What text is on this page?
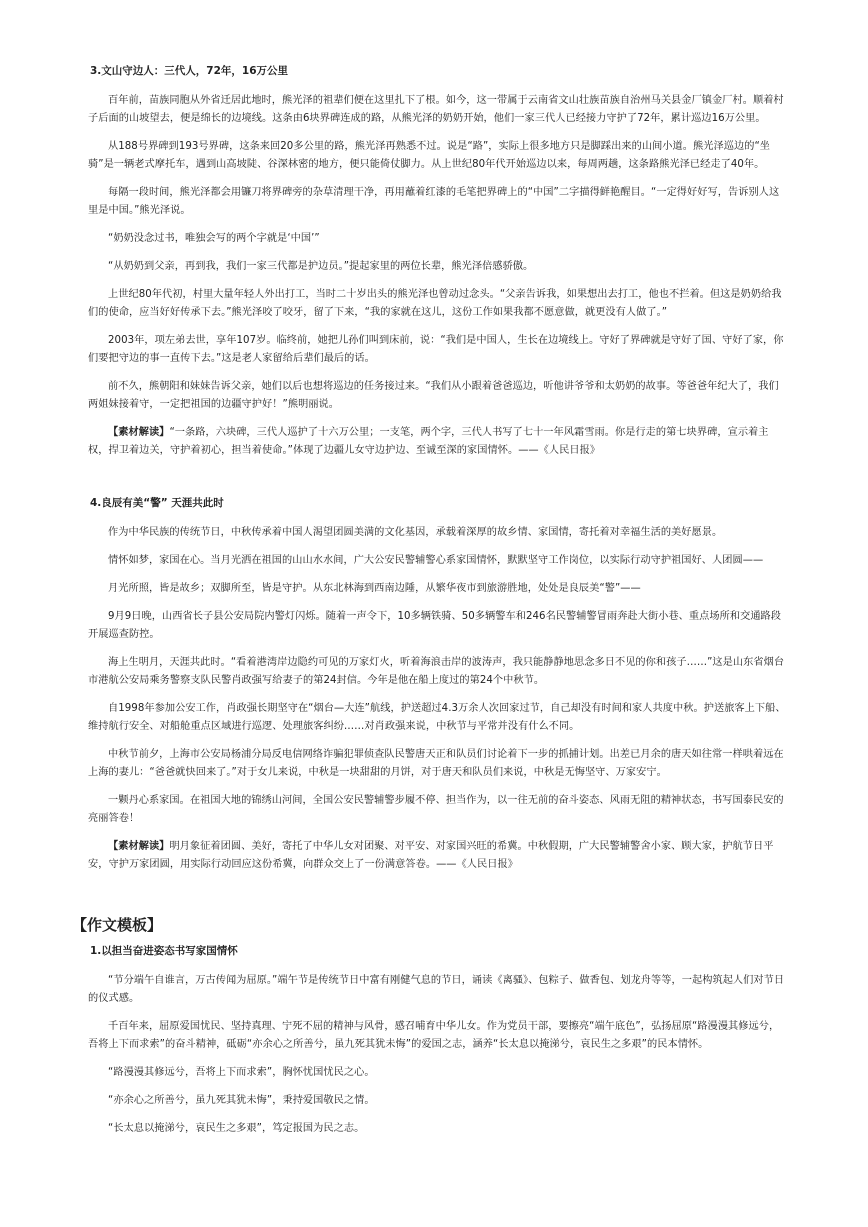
3.文山守边人：三代人，72年，16万公里

百年前，苗族同胞从外省迁居此地时，熊光泽的祖辈们便在这里扎下了根。如今，这一带属于云南省文山壮族苗族自治州马关县金厂镇金厂村。顺着村子后面的山坡望去，便是绵长的边境线。这条由6块界碑连成的路，从熊光泽的奶奶开始，他们一家三代人已经接力守护了72年，累计巡边16万公里。

从188号界碑到193号界碑，这条来回20多公里的路，熊光泽再熟悉不过。说是“路”，实际上很多地方只是脚踩出来的山间小道。熊光泽巡边的“坐骑”是一辆老式摩托车，遇到山高坡陡、谷深林密的地方，便只能倚仗脚力。从上世纪80年代开始巡边以来，每周两趟，这条路熊光泽已经走了40年。

每隔一段时间，熊光泽都会用镰刀将界碑旁的杂草清理干净，再用蘸着红漆的毛笔把界碑上的“中国”二字描得鲜艳醒目。“一定得好好写，告诉别人这里是中国。”熊光泽说。

“奶奶没念过书，唯独会写的两个字就是‘中国’”

“从奶奶到父亲，再到我，我们一家三代都是护边员。”提起家里的两位长辈，熊光泽倍感骄傲。

上世纪80年代初，村里大量年轻人外出打工，当时二十岁出头的熊光泽也曾动过念头。“父亲告诉我，如果想出去打工，他也不拦着。但这是奶奶给我们的使命，应当好好传承下去。”熊光泽咬了咬牙，留了下来，“我的家就在这儿，这份工作如果我都不愿意做，就更没有人做了。”

2003年，项左弟去世，享年107岁。临终前，她把儿孙们叫到床前，说：“我们是中国人，生长在边境线上。守好了界碑就是守好了国、守好了家，你们要把守边的事一直传下去。”这是老人家留给后辈们最后的话。

前不久，熊朝阳和妹妹告诉父亲，她们以后也想将巡边的任务接过来。“我们从小跟着爸爸巡边，听他讲爷爷和太奶奶的故事。等爸爸年纪大了，我们两姐妹接着守，一定把祖国的边疆守护好！”熊明丽说。

【素材解读】“一条路，六块碑，三代人巡护了十六万公里；一支笔，两个字，三代人书写了七十一年风霜雪雨。你是行走的第七块界碑，宣示着主权，捍卫着边关，守护着初心，担当着使命。”体现了边疆儿女守边护边、至诚至深的家国情怀。——《人民日报》

4.良辰有美“警” 天涯共此时

作为中华民族的传统节日，中秋传承着中国人渴望团圆美满的文化基因，承载着深厚的故乡情、家国情，寄托着对幸福生活的美好愿景。

情怀如梦，家国在心。当月光洒在祖国的山山水水间，广大公安民警辅警心系家国情怀，默默坚守工作岗位，以实际行动守护祖国好、人团圆——

月光所照，皆是故乡；双脚所至，皆是守护。从东北林海到西南边陲，从繁华夜市到旅游胜地，处处是良辰美“警”——

9月9日晚，山西省长子县公安局院内警灯闪烁。随着一声令下，10多辆铁骑、50多辆警车和246名民警辅警冒雨奔赴大街小巷、重点场所和交通路段开展巡查防控。

海上生明月，天涯共此时。“看着港湾岸边隐约可见的万家灯火，听着海浪击岸的波涛声，我只能静静地思念多日不见的你和孩子……”这是山东省烟台市港航公安局乘务警察支队民警肖政强写给妻子的第24封信。今年是他在船上度过的第24个中秋节。

自1998年参加公安工作，肖政强长期坚守在“烟台—大连”航线，护送超过4.3万余人次回家过节，自己却没有时间和家人共度中秋。护送旅客上下船、维持航行安全、对船舱重点区域进行巡逻、处理旅客纠纷……对肖政强来说，中秋节与平常并没有什么不同。

中秋节前夕，上海市公安局杨浦分局反电信网络诈骗犯罪侦查队民警唐天正和队员们讨论着下一步的抓捕计划。出差已月余的唐天如往常一样哄着远在上海的妻儿：“爸爸就快回来了。”对于女儿来说，中秋是一块甜甜的月饼，对于唐天和队员们来说，中秋是无悔坚守、万家安宁。

一颗丹心系家国。在祖国大地的锦绣山河间，全国公安民警辅警步履不停、担当作为，以一往无前的奋斗姿态、风雨无阻的精神状态，书写国泰民安的亮丽答卷！

【素材解读】明月象征着团圆、美好，寄托了中华儿女对团聚、对平安、对家国兴旺的希冀。中秋假期，广大民警辅警舍小家、顾大家，护航节日平安，守护万家团圆，用实际行动回应这份希冀，向群众交上了一份满意答卷。——《人民日报》

【作文模板】
1.以担当奋进姿态书写家国情怀

“节分端午自谁言，万古传闻为屈原。”端午节是传统节日中富有刚健气息的节日，诵读《离骚》、包粽子、做香包、划龙舟等等，一起构筑起人们对节日的仪式感。

千百年来，屈原爱国忧民、坚持真理、宁死不屈的精神与风骨，感召哺育中华儿女。作为党员干部，要擦亮“端午底色”，弘扬屈原“路漫漫其修远兮，吾将上下而求索”的奋斗精神，砥砺“亦余心之所善兮，虽九死其犹未悔”的爱国之志，涵养“长太息以掩涕兮，哀民生之多艰”的民本情怀。

“路漫漫其修远兮，吾将上下而求索”，胸怀忧国忧民之心。

“亦余心之所善兮，虽九死其犹未悔”，秉持爱国敬民之情。

“长太息以掩涕兮，哀民生之多艰”，笃定报国为民之志。
